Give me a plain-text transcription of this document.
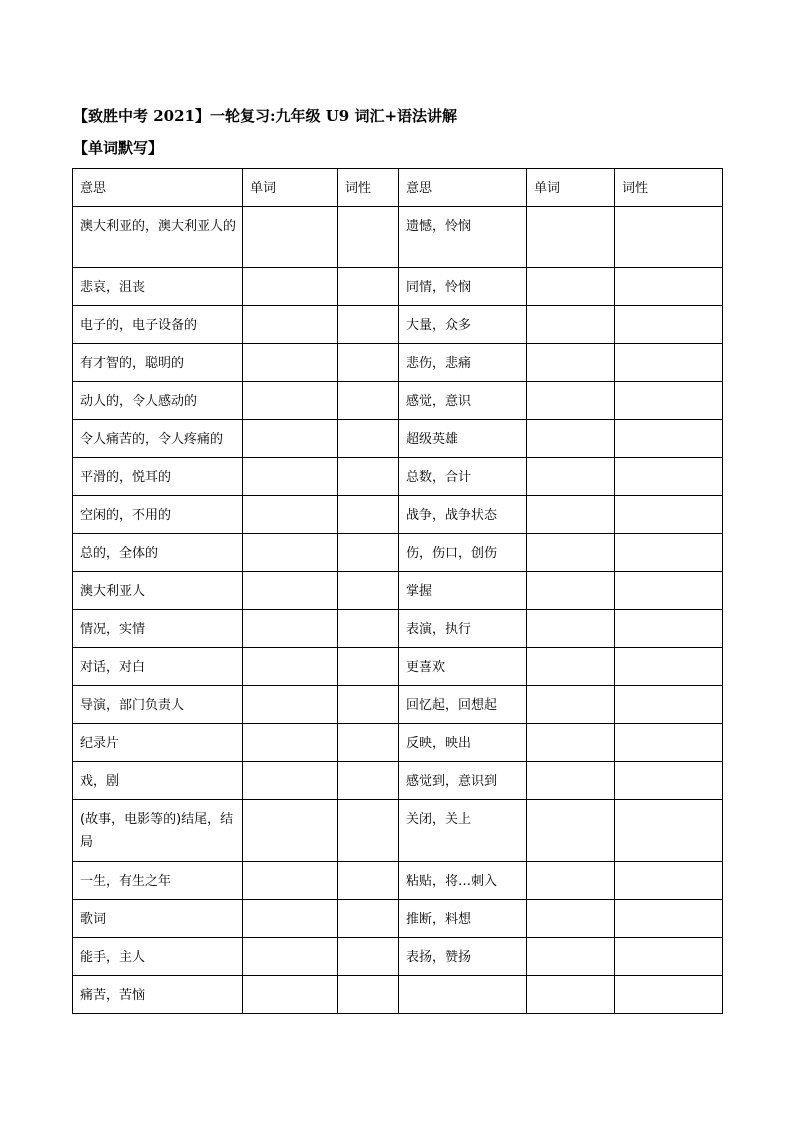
【致胜中考 2021】一轮复习:九年级 U9 词汇+语法讲解
【单词默写】
意思	单词	词性	意思	单词	词性
澳大利亚的，澳大利亚人的			遗憾，怜悯		
悲哀，沮丧			同情，怜悯		
电子的，电子设备的			大量，众多		
有才智的，聪明的			悲伤，悲痛		
动人的，令人感动的			感觉，意识		
令人痛苦的，令人疼痛的			超级英雄		
平滑的，悦耳的			总数，合计		
空闲的，不用的			战争，战争状态		
总的，全体的			伤，伤口，创伤		
澳大利亚人			掌握		
情况，实情			表演，执行		
对话，对白			更喜欢		
导演，部门负责人			回忆起，回想起		
纪录片			反映，映出		
戏，剧			感觉到，意识到		
(故事，电影等的)结尾，结局			关闭，关上		
一生，有生之年			粘贴，将…刺入		
歌词			推断，料想		
能手，主人			表扬，赞扬		
痛苦，苦恼					
